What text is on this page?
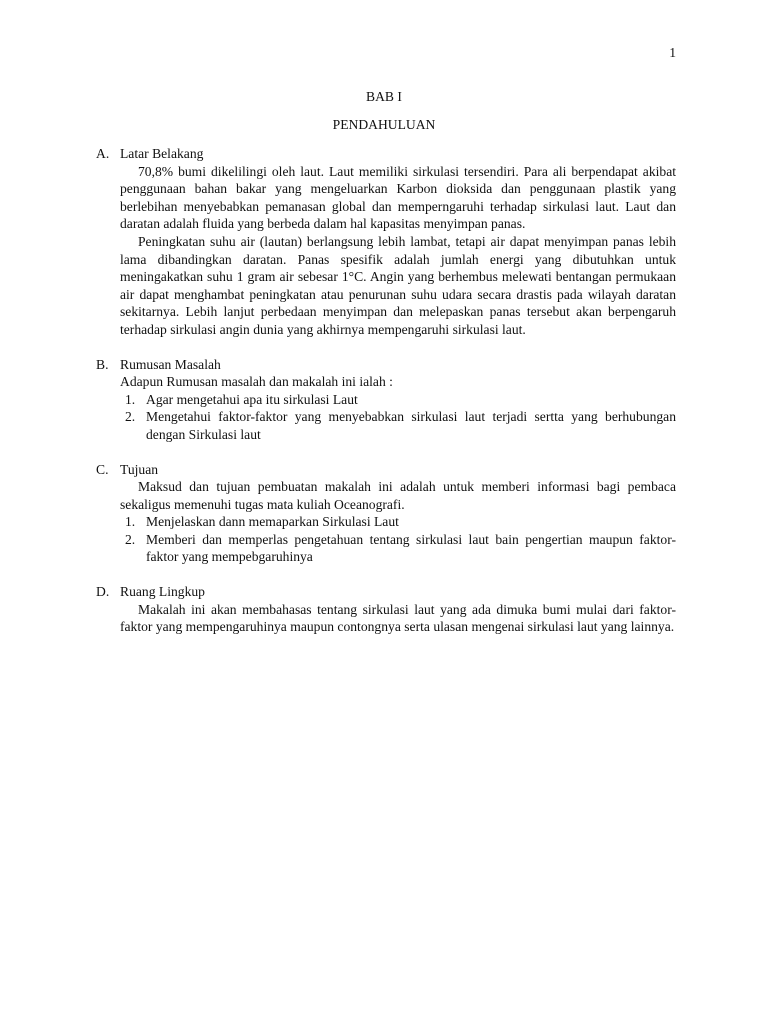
1
BAB I
PENDAHULUAN
A. Latar Belakang

70,8% bumi dikelilingi oleh laut. Laut memiliki sirkulasi tersendiri. Para ali berpendapat akibat penggunaan bahan bakar yang mengeluarkan Karbon dioksida dan penggunaan plastik yang berlebihan menyebabkan pemanasan global dan memperngaruhi terhadap sirkulasi laut. Laut dan daratan adalah fluida yang berbeda dalam hal kapasitas menyimpan panas.

Peningkatan suhu air (lautan) berlangsung lebih lambat, tetapi air dapat menyimpan panas lebih lama dibandingkan daratan. Panas spesifik adalah jumlah energi yang dibutuhkan untuk meningakatkan suhu 1 gram air sebesar 1°C. Angin yang berhembus melewati bentangan permukaan air dapat menghambat peningkatan atau penurunan suhu udara secara drastis pada wilayah daratan sekitarnya. Lebih lanjut perbedaan menyimpan dan melepaskan panas tersebut akan berpengaruh terhadap sirkulasi angin dunia yang akhirnya mempengaruhi sirkulasi laut.

B. Rumusan Masalah

Adapun Rumusan masalah dan makalah ini ialah :

1. Agar mengetahui apa itu sirkulasi Laut
2. Mengetahui faktor-faktor yang menyebabkan sirkulasi laut terjadi sertta yang berhubungan dengan Sirkulasi laut
C. Tujuan

Maksud dan tujuan pembuatan makalah ini adalah untuk memberi informasi bagi pembaca sekaligus memenuhi tugas mata kuliah Oceanografi.

1. Menjelaskan dann memaparkan Sirkulasi Laut
2. Memberi dan memperlas pengetahuan tentang sirkulasi laut bain pengertian maupun faktor-faktor yang mempebgaruhinya
D. Ruang Lingkup

Makalah ini akan membahasas tentang sirkulasi laut yang ada dimuka bumi mulai dari faktor-faktor yang mempengaruhinya maupun contongnya serta ulasan mengenai sirkulasi laut yang lainnya.
